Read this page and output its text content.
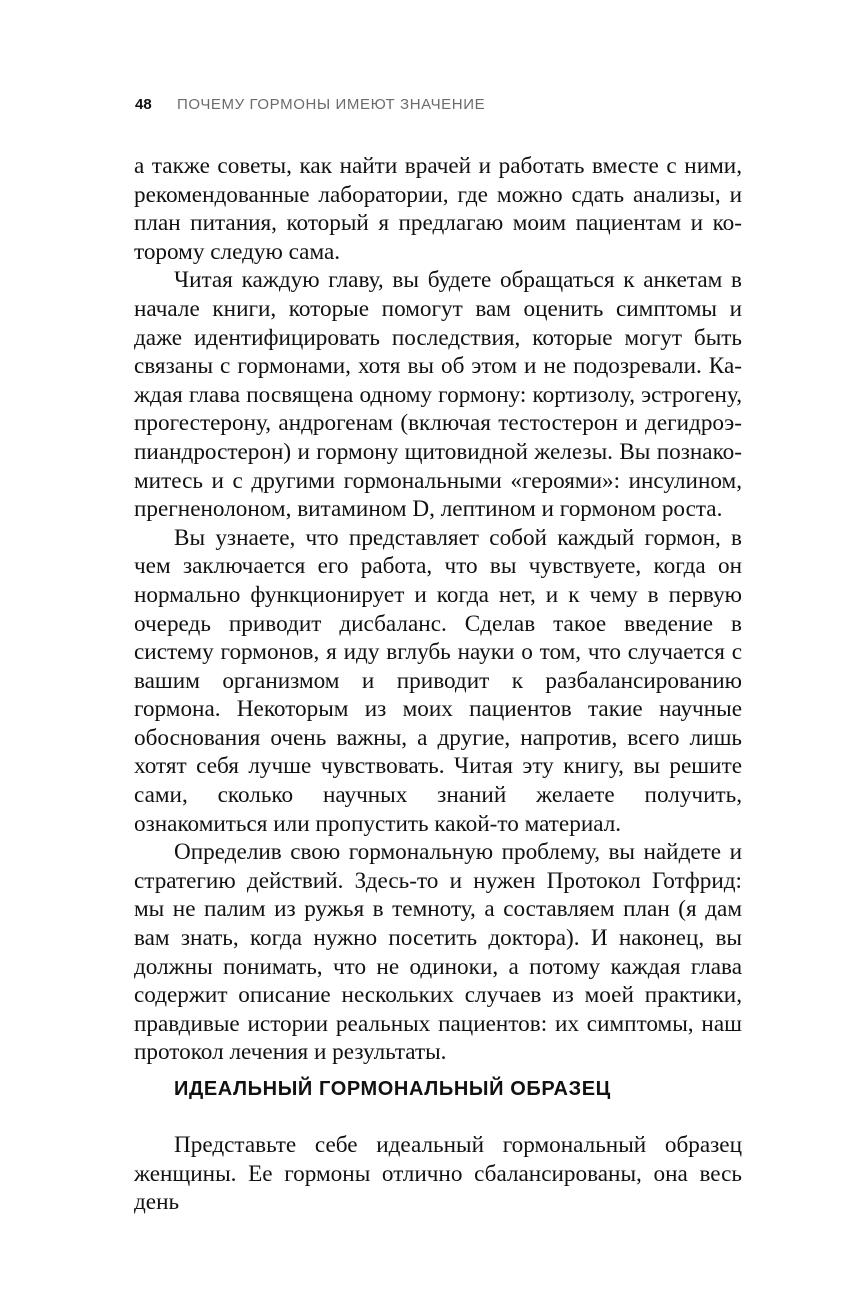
48	ПОЧЕМУ ГОРМОНЫ ИМЕЮТ ЗНАЧЕНИЕ

а также советы, как найти врачей и работать вместе с ними, рекомендованные лаборатории, где можно сдать анализы, и план питания, который я предлагаю моим пациентам и которому следую сама.

Читая каждую главу, вы будете обращаться к анкетам в начале книги, которые помогут вам оценить симптомы и даже идентифицировать последствия, которые могут быть связаны с гормонами, хотя вы об этом и не подозревали. Каждая глава посвящена одному гормону: кортизолу, эстрогену, прогестерону, андрогенам (включая тестостерон и дегидроэпиандростерон) и гормону щитовидной железы. Вы познакомитесь и с другими гормональными «героями»: инсулином, прегненолоном, витамином D, лептином и гормоном роста.

Вы узнаете, что представляет собой каждый гормон, в чем заключается его работа, что вы чувствуете, когда он нормально функционирует и когда нет, и к чему в первую очередь приводит дисбаланс. Сделав такое введение в систему гормонов, я иду вглубь науки о том, что случается с вашим организмом и приводит к разбалансированию гормона. Некоторым из моих пациентов такие научные обоснования очень важны, а другие, напротив, всего лишь хотят себя лучше чувствовать. Читая эту книгу, вы решите сами, сколько научных знаний желаете получить, ознакомиться или пропустить какой-то материал.

Определив свою гормональную проблему, вы найдете и стратегию действий. Здесь-то и нужен Протокол Готфрид: мы не палим из ружья в темноту, а составляем план (я дам вам знать, когда нужно посетить доктора). И наконец, вы должны понимать, что не одиноки, а потому каждая глава содержит описание нескольких случаев из моей практики, правдивые истории реальных пациентов: их симптомы, наш протокол лечения и результаты.

ИДЕАЛЬНЫЙ ГОРМОНАЛЬНЫЙ ОБРАЗЕЦ

Представьте себе идеальный гормональный образец женщины. Ее гормоны отлично сбалансированы, она весь день
